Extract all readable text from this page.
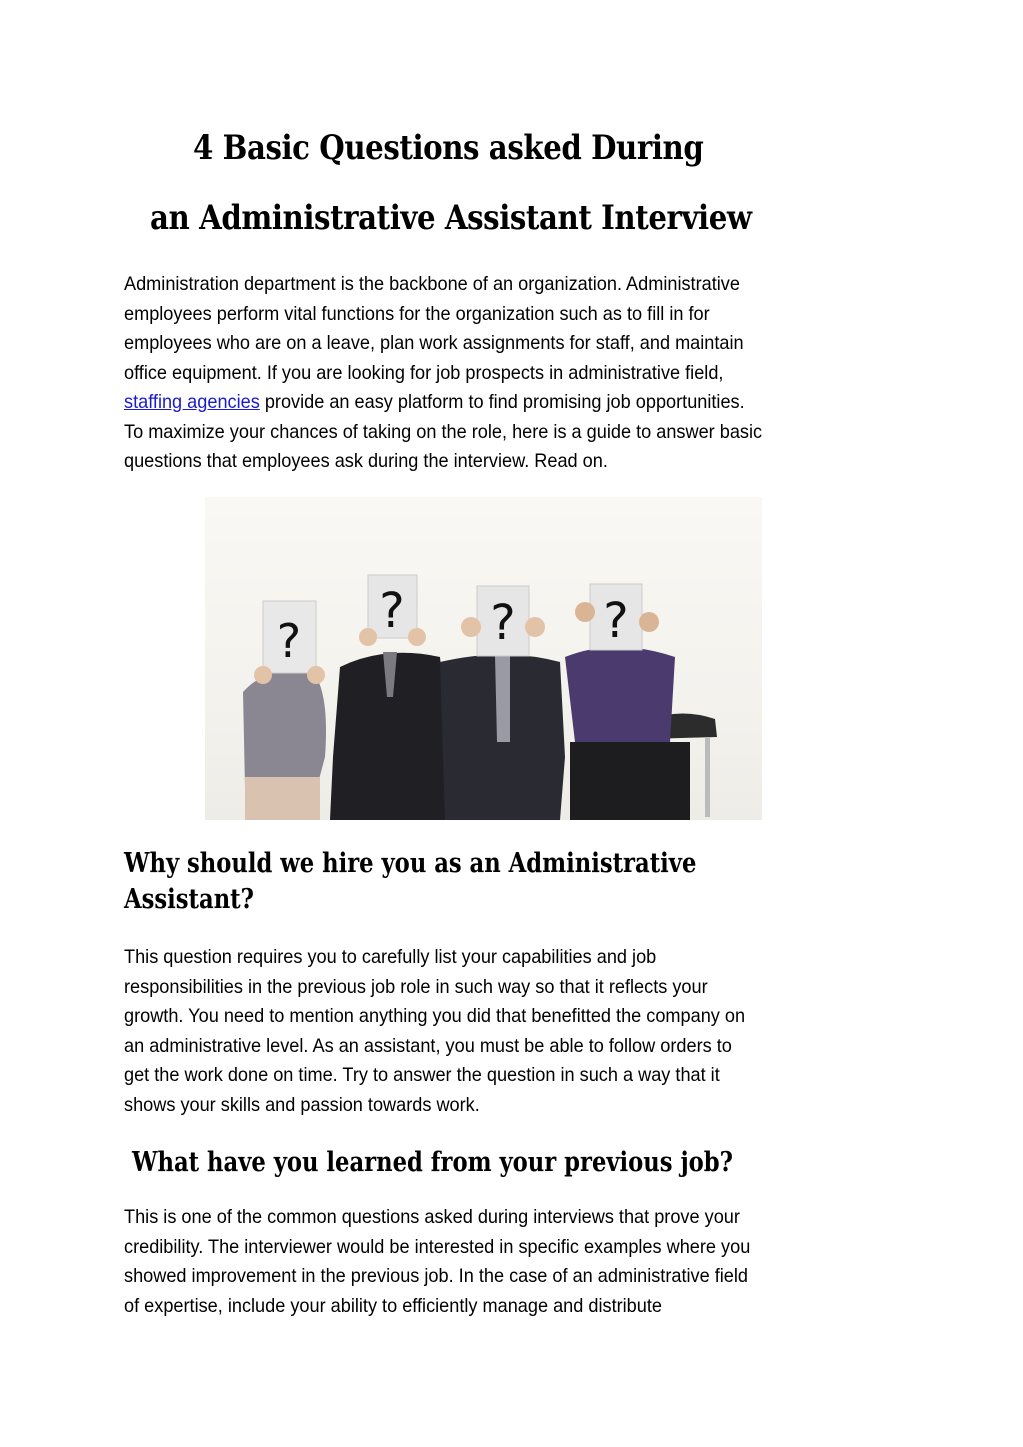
4 Basic Questions asked During
an Administrative Assistant Interview
Administration department is the backbone of an organization. Administrative
employees perform vital functions for the organization such as to fill in for
employees who are on a leave, plan work assignments for staff, and maintain
office equipment. If you are looking for job prospects in administrative field,
staffing agencies provide an easy platform to find promising job opportunities.
To maximize your chances of taking on the role, here is a guide to answer basic
questions that employees ask during the interview. Read on.
?
? ? ?
Why should we hire you as an Administrative
Assistant?
This question requires you to carefully list your capabilities and job
responsibilities in the previous job role in such way so that it reflects your
growth. You need to mention anything you did that benefitted the company on
an administrative level. As an assistant, you must be able to follow orders to
get the work done on time. Try to answer the question in such a way that it
shows your skills and passion towards work.
What have you learned from your previous job?
This is one of the common questions asked during interviews that prove your
credibility. The interviewer would be interested in specific examples where you
showed improvement in the previous job. In the case of an administrative field
of expertise, include your ability to efficiently manage and distribute
